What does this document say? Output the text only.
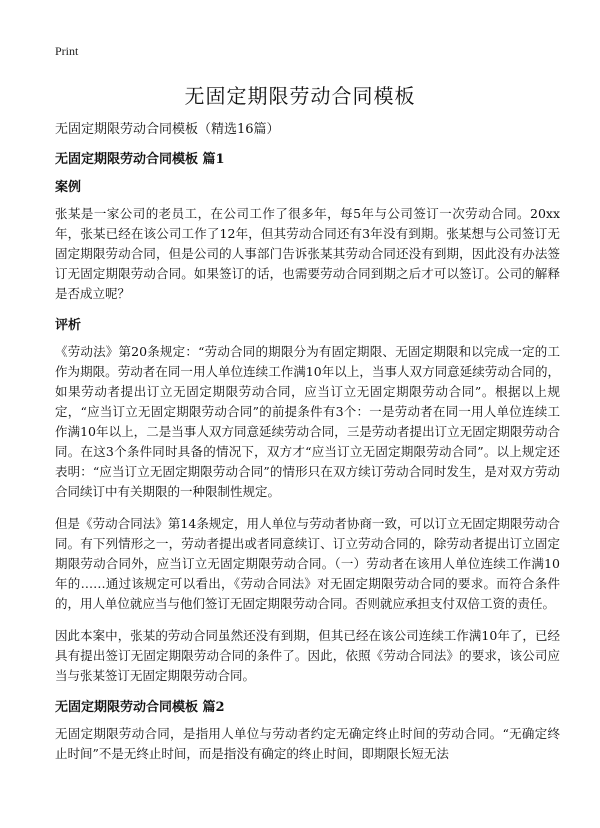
Print
无固定期限劳动合同模板

无固定期限劳动合同模板（精选16篇）

无固定期限劳动合同模板 篇1
案例

张某是一家公司的老员工，在公司工作了很多年，每5年与公司签订一次劳动合同。20xx年，张某已经在该公司工作了12年，但其劳动合同还有3年没有到期。张某想与公司签订无固定期限劳动合同，但是公司的人事部门告诉张某其劳动合同还没有到期，因此没有办法签订无固定期限劳动合同。如果签订的话，也需要劳动合同到期之后才可以签订。公司的解释是否成立呢？

评析

《劳动法》第20条规定：“劳动合同的期限分为有固定期限、无固定期限和以完成一定的工作为期限。劳动者在同一用人单位连续工作满10年以上，当事人双方同意延续劳动合同的，如果劳动者提出订立无固定期限劳动合同，应当订立无固定期限劳动合同”。根据以上规定，“应当订立无固定期限劳动合同”的前提条件有3个：一是劳动者在同一用人单位连续工作满10年以上，二是当事人双方同意延续劳动合同，三是劳动者提出订立无固定期限劳动合同。在这3个条件同时具备的情况下，双方才“应当订立无固定期限劳动合同”。以上规定还表明：“应当订立无固定期限劳动合同”的情形只在双方续订劳动合同时发生，是对双方劳动合同续订中有关期限的一种限制性规定。

但是《劳动合同法》第14条规定，用人单位与劳动者协商一致，可以订立无固定期限劳动合同。有下列情形之一，劳动者提出或者同意续订、订立劳动合同的，除劳动者提出订立固定期限劳动合同外，应当订立无固定期限劳动合同。（一）劳动者在该用人单位连续工作满10年的……通过该规定可以看出，《劳动合同法》对无固定期限劳动合同的要求。而符合条件的，用人单位就应当与他们签订无固定期限劳动合同。否则就应承担支付双倍工资的责任。

因此本案中，张某的劳动合同虽然还没有到期，但其已经在该公司连续工作满10年了，已经具有提出签订无固定期限劳动合同的条件了。因此，依照《劳动合同法》的要求，该公司应当与张某签订无固定期限劳动合同。

无固定期限劳动合同模板 篇2

无固定期限劳动合同，是指用人单位与劳动者约定无确定终止时间的劳动合同。“无确定终止时间”不是无终止时间，而是指没有确定的终止时间，即期限长短无法
